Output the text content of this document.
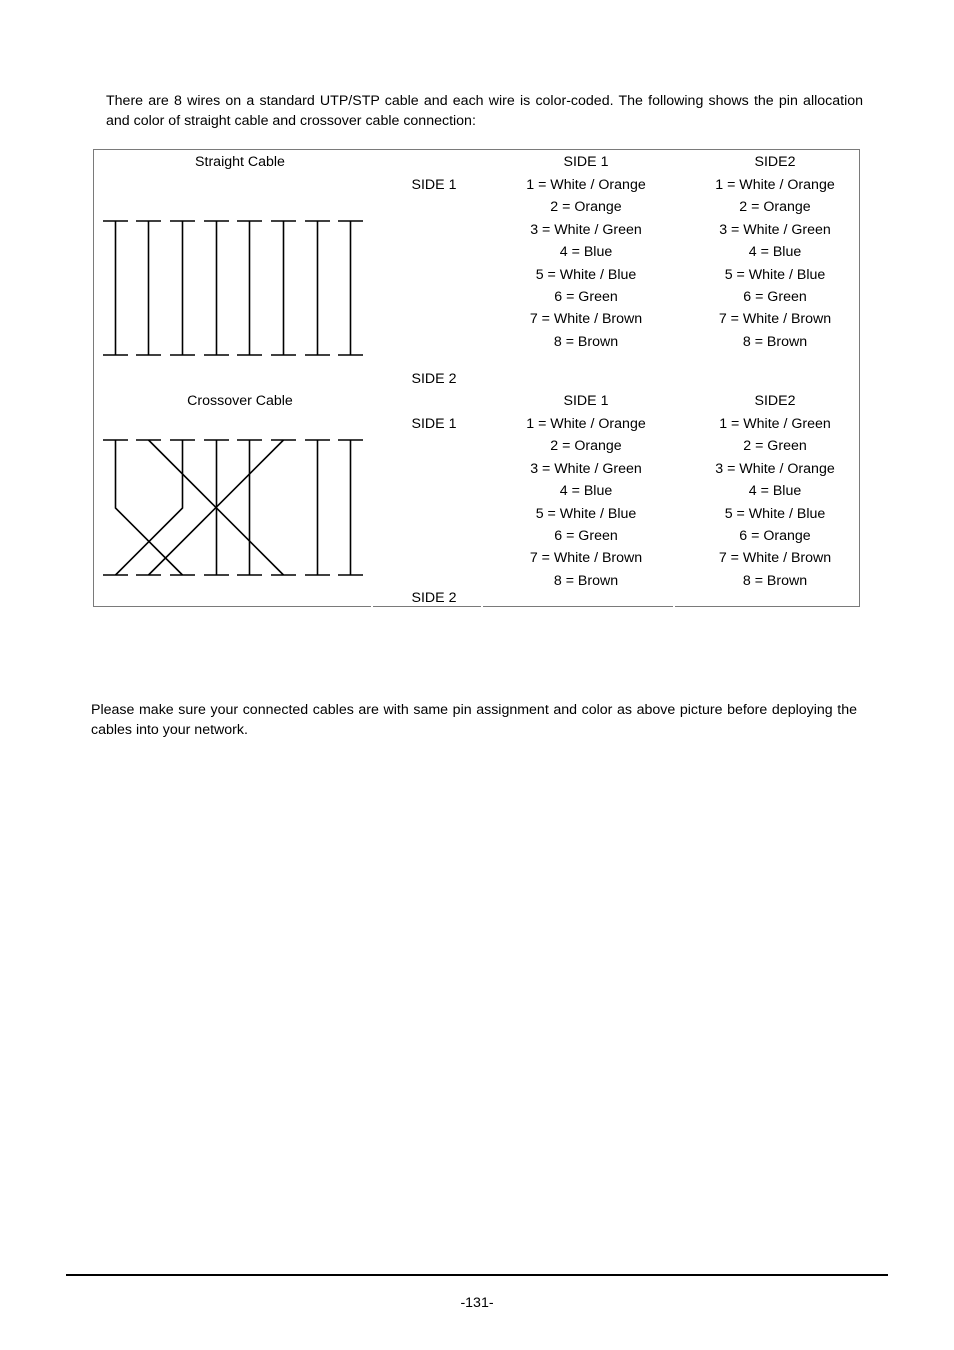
There are 8 wires on a standard UTP/STP cable and each wire is color-coded. The following shows the pin allocation and color of straight cable and crossover cable connection:
Straight Cable
SIDE 1
SIDE 2
SIDE 1	SIDE2
1 = White / Orange
2 = Orange
3 = White / Green
4 = Blue
5 = White / Blue
6 = Green
7 = White / Brown
8 = Brown
1 = White / Orange
2 = Orange
3 = White / Green
4 = Blue
5 = White / Blue
6 = Green
7 = White / Brown
8 = Brown
Crossover Cable
SIDE 1
SIDE 2
SIDE 1	SIDE2
1 = White / Orange
2 = Orange
3 = White / Green
4 = Blue
5 = White / Blue
6 = Green
7 = White / Brown
8 = Brown
1 = White / Green
2 = Green
3 = White / Orange
4 = Blue
5 = White / Blue
6 = Orange
7 = White / Brown
8 = Brown
Please make sure your connected cables are with same pin assignment and color as above picture before deploying the cables into your network.
-131-
